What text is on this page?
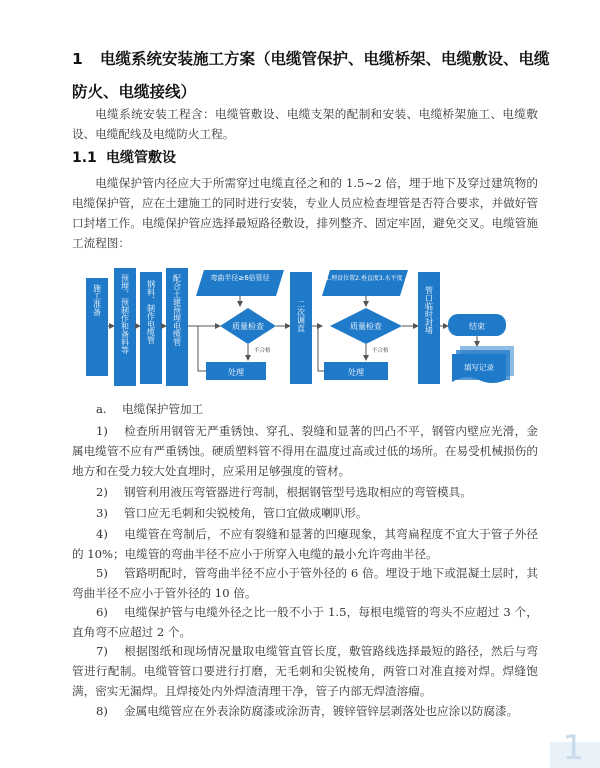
1 电缆系统安装施工方案（电缆管保护、电缆桥架、电缆敷设、电缆防火、电缆接线）
电缆系统安装工程含：电缆管敷设、电缆支架的配制和安装、电缆桥架施工、电缆敷设、电缆配线及电缆防火工程。
1.1 电缆管敷设
电缆保护管内径应大于所需穿过电缆直径之和的 1.5~2 倍，埋于地下及穿过建筑物的电缆保护管，应在土建施工的同时进行安装，专业人员应检查埋管是否符合要求，并做好管口封堵工作。电缆保护管应选择最短路径敷设，排列整齐、固定牢固，避免交叉。电缆管施工流程图：
施工准备 预埋、预制作和备料等 钢料、制作电缆管 配合土建预埋电缆管	弯曲半径≥6倍管径
质量检查
不合格
处理
二次调直
1.埋设位置2.垂直度3.水平度
质量检查
不合格
处理
管口临时封堵	结束
填写记录
a. 电缆保护管加工
1) 检查所用钢管无严重锈蚀、穿孔、裂缝和显著的凹凸不平，钢管内壁应光滑，金属电缆管不应有严重锈蚀。硬质塑料管不得用在温度过高或过低的场所。在易受机械损伤的地方和在受力较大处直埋时，应采用足够强度的管材。
2) 钢管利用液压弯管器进行弯制，根据钢管型号选取相应的弯管模具。
3) 管口应无毛刺和尖锐棱角，管口宜做成喇叭形。
4) 电缆管在弯制后，不应有裂缝和显著的凹瘪现象，其弯扁程度不宜大于管子外径的 10%；电缆管的弯曲半径不应小于所穿入电缆的最小允许弯曲半径。
5) 管路明配时，管弯曲半径不应小于管外径的 6 倍。埋设于地下或混凝土层时，其弯曲半径不应小于管外径的 10 倍。
6) 电缆保护管与电缆外径之比一般不小于 1.5，每根电缆管的弯头不应超过 3 个，直角弯不应超过 2 个。
7) 根据图纸和现场情况量取电缆管直管长度，敷管路线选择最短的路径，然后与弯管进行配制。电缆管管口要进行打磨，无毛刺和尖锐棱角，两管口对准直接对焊。焊缝饱满，密实无漏焊。且焊接处内外焊渣清理干净，管子内部无焊渣溶瘤。
8) 金属电缆管应在外表涂防腐漆或涂沥青，镀锌管锌层剥落处也应涂以防腐漆。
1
